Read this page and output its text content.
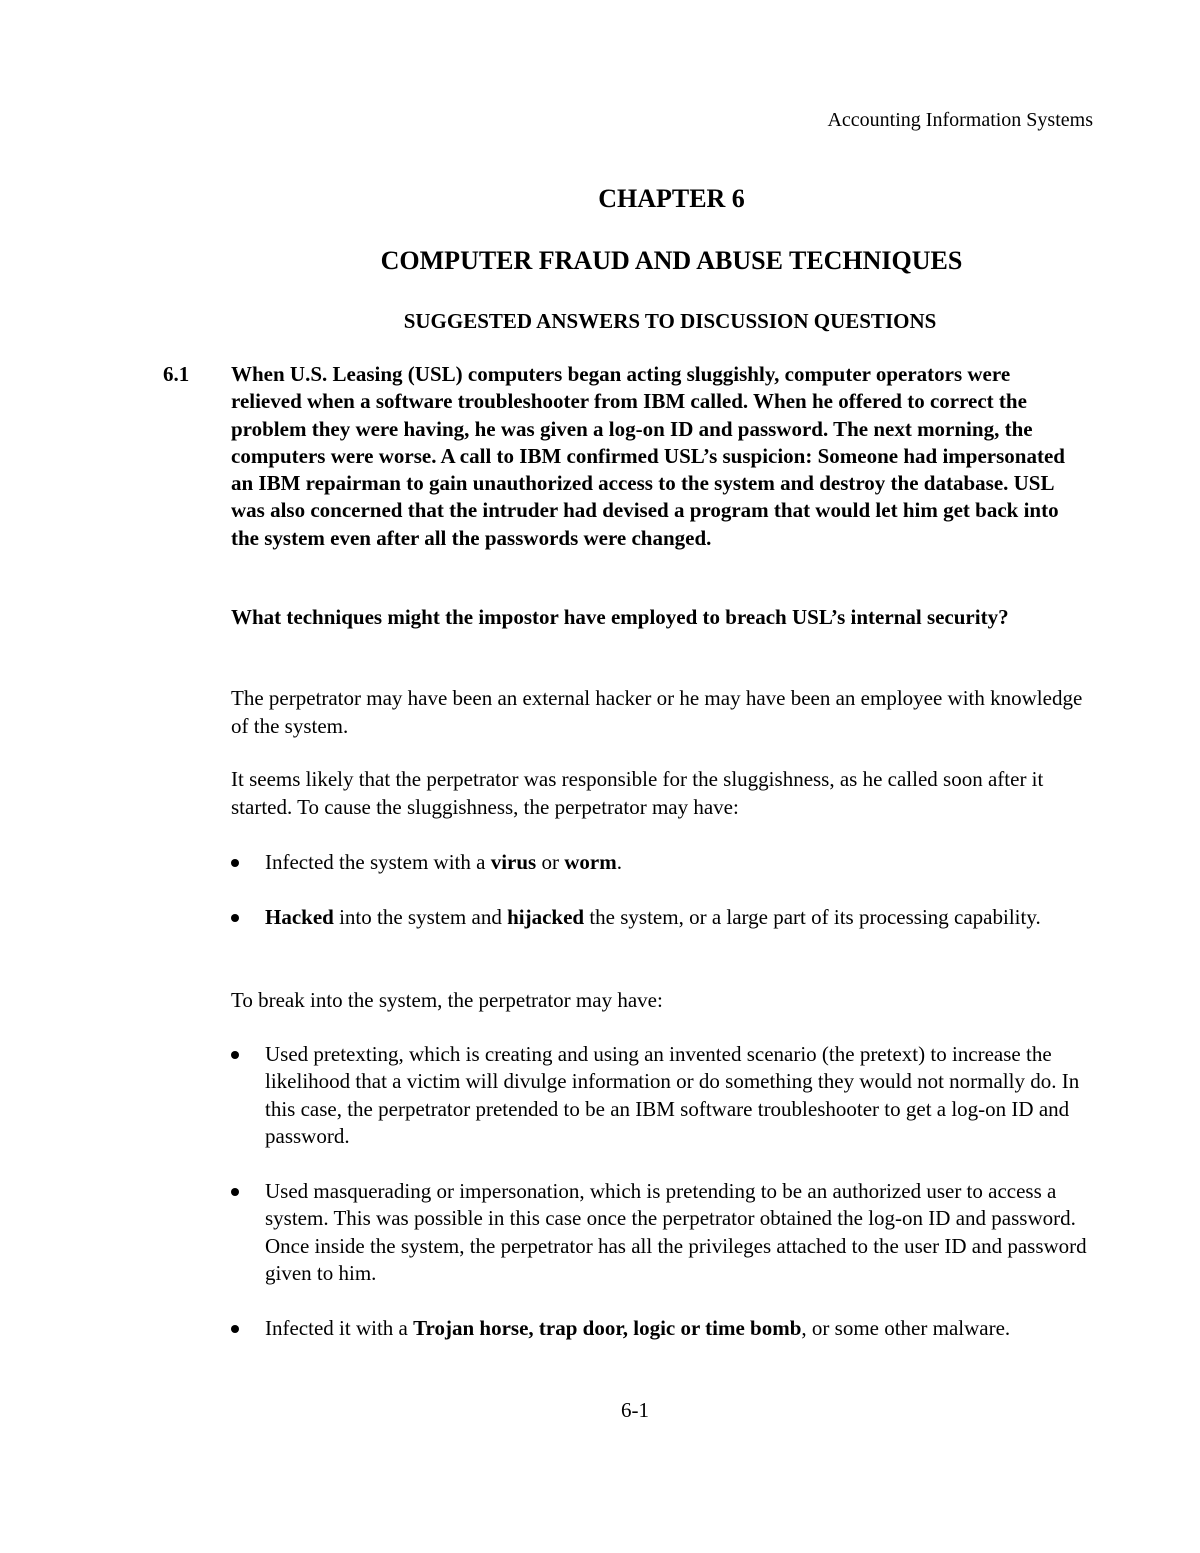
Accounting Information Systems
CHAPTER 6
COMPUTER FRAUD AND ABUSE TECHNIQUES
SUGGESTED ANSWERS TO DISCUSSION QUESTIONS
6.1 When U.S. Leasing (USL) computers began acting sluggishly, computer operators were relieved when a software troubleshooter from IBM called. When he offered to correct the problem they were having, he was given a log-on ID and password. The next morning, the computers were worse. A call to IBM confirmed USL’s suspicion: Someone had impersonated an IBM repairman to gain unauthorized access to the system and destroy the database. USL was also concerned that the intruder had devised a program that would let him get back into the system even after all the passwords were changed.
What techniques might the impostor have employed to breach USL’s internal security?
The perpetrator may have been an external hacker or he may have been an employee with knowledge of the system.
It seems likely that the perpetrator was responsible for the sluggishness, as he called soon after it started. To cause the sluggishness, the perpetrator may have:
Infected the system with a virus or worm.
Hacked into the system and hijacked the system, or a large part of its processing capability.
To break into the system, the perpetrator may have:
Used pretexting, which is creating and using an invented scenario (the pretext) to increase the likelihood that a victim will divulge information or do something they would not normally do. In this case, the perpetrator pretended to be an IBM software troubleshooter to get a log-on ID and password.
Used masquerading or impersonation, which is pretending to be an authorized user to access a system. This was possible in this case once the perpetrator obtained the log-on ID and password. Once inside the system, the perpetrator has all the privileges attached to the user ID and password given to him.
Infected it with a Trojan horse, trap door, logic or time bomb, or some other malware.
6-1
